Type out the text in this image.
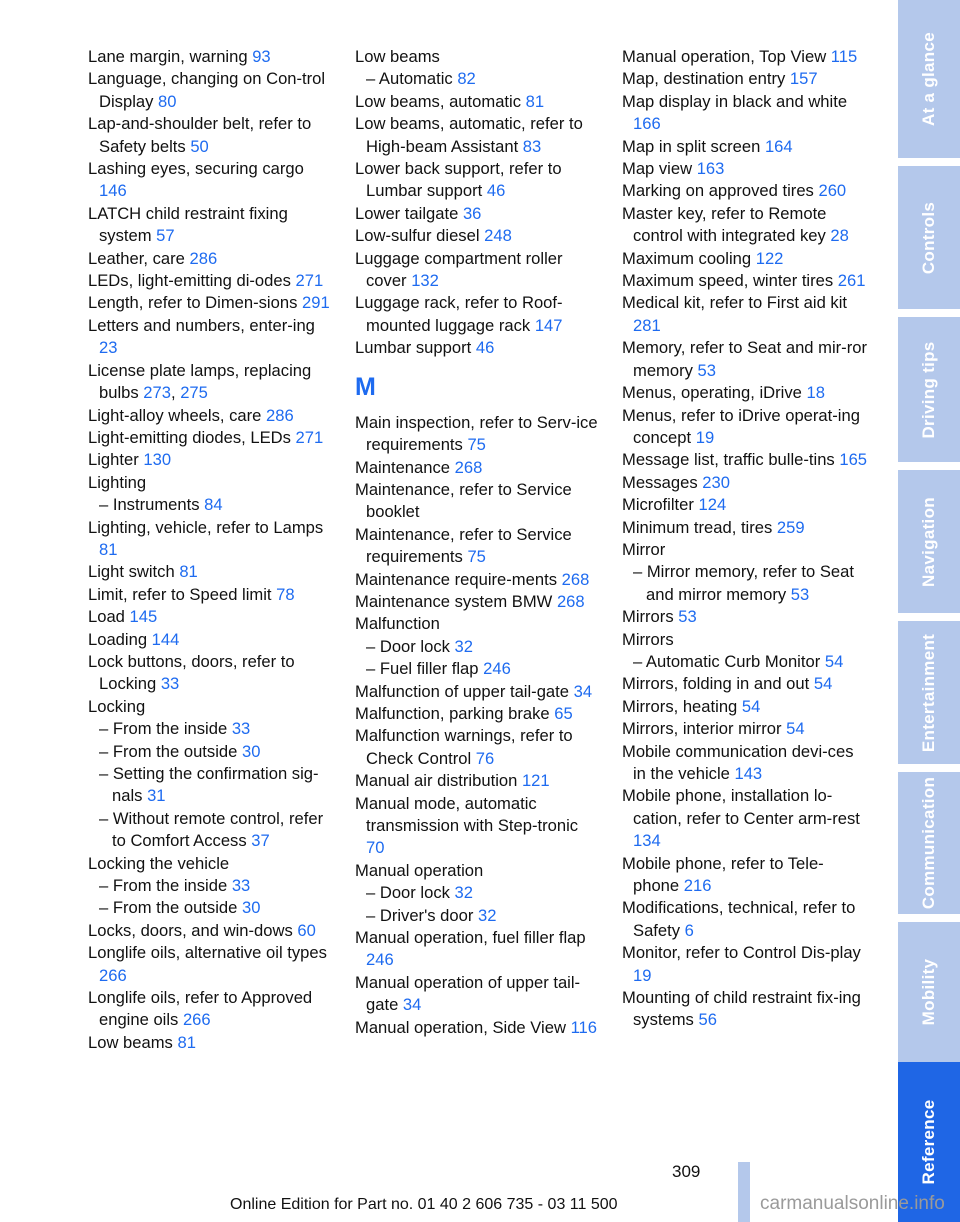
Lane margin, warning 93
Language, changing on Con-trol Display 80
Lap-and-shoulder belt, refer to Safety belts 50
Lashing eyes, securing cargo 146
LATCH child restraint fixing system 57
Leather, care 286
LEDs, light-emitting di-odes 271
Length, refer to Dimen-sions 291
Letters and numbers, enter-ing 23
License plate lamps, replacing bulbs 273, 275
Light-alloy wheels, care 286
Light-emitting diodes, LEDs 271
Lighter 130
Lighting
– Instruments 84
Lighting, vehicle, refer to Lamps 81
Light switch 81
Limit, refer to Speed limit 78
Load 145
Loading 144
Lock buttons, doors, refer to Locking 33
Locking
– From the inside 33
– From the outside 30
– Setting the confirmation sig-nals 31
– Without remote control, refer to Comfort Access 37
Locking the vehicle
– From the inside 33
– From the outside 30
Locks, doors, and win-dows 60
Longlife oils, alternative oil types 266
Longlife oils, refer to Approved engine oils 266
Low beams 81
Low beams
– Automatic 82
Low beams, automatic 81
Low beams, automatic, refer to High-beam Assistant 83
Lower back support, refer to Lumbar support 46
Lower tailgate 36
Low-sulfur diesel 248
Luggage compartment roller cover 132
Luggage rack, refer to Roof-mounted luggage rack 147
Lumbar support 46
M
Main inspection, refer to Serv-ice requirements 75
Maintenance 268
Maintenance, refer to Service booklet
Maintenance, refer to Service requirements 75
Maintenance require-ments 268
Maintenance system BMW 268
Malfunction
– Door lock 32
– Fuel filler flap 246
Malfunction of upper tail-gate 34
Malfunction, parking brake 65
Malfunction warnings, refer to Check Control 76
Manual air distribution 121
Manual mode, automatic transmission with Step-tronic 70
Manual operation
– Door lock 32
– Driver's door 32
Manual operation, fuel filler flap 246
Manual operation of upper tail-gate 34
Manual operation, Side View 116
Manual operation, Top View 115
Map, destination entry 157
Map display in black and white 166
Map in split screen 164
Map view 163
Marking on approved tires 260
Master key, refer to Remote control with integrated key 28
Maximum cooling 122
Maximum speed, winter tires 261
Medical kit, refer to First aid kit 281
Memory, refer to Seat and mir-ror memory 53
Menus, operating, iDrive 18
Menus, refer to iDrive operat-ing concept 19
Message list, traffic bulle-tins 165
Messages 230
Microfilter 124
Minimum tread, tires 259
Mirror
– Mirror memory, refer to Seat and mirror memory 53
Mirrors 53
Mirrors
– Automatic Curb Monitor 54
Mirrors, folding in and out 54
Mirrors, heating 54
Mirrors, interior mirror 54
Mobile communication devi-ces in the vehicle 143
Mobile phone, installation lo-cation, refer to Center arm-rest 134
Mobile phone, refer to Tele-phone 216
Modifications, technical, refer to Safety 6
Monitor, refer to Control Dis-play 19
Mounting of child restraint fix-ing systems 56
At a glance
Controls
Driving tips
Navigation
Entertainment
Communication
Mobility
Reference
309
Online Edition for Part no. 01 40 2 606 735 - 03 11 500	carmanualsonline.info
